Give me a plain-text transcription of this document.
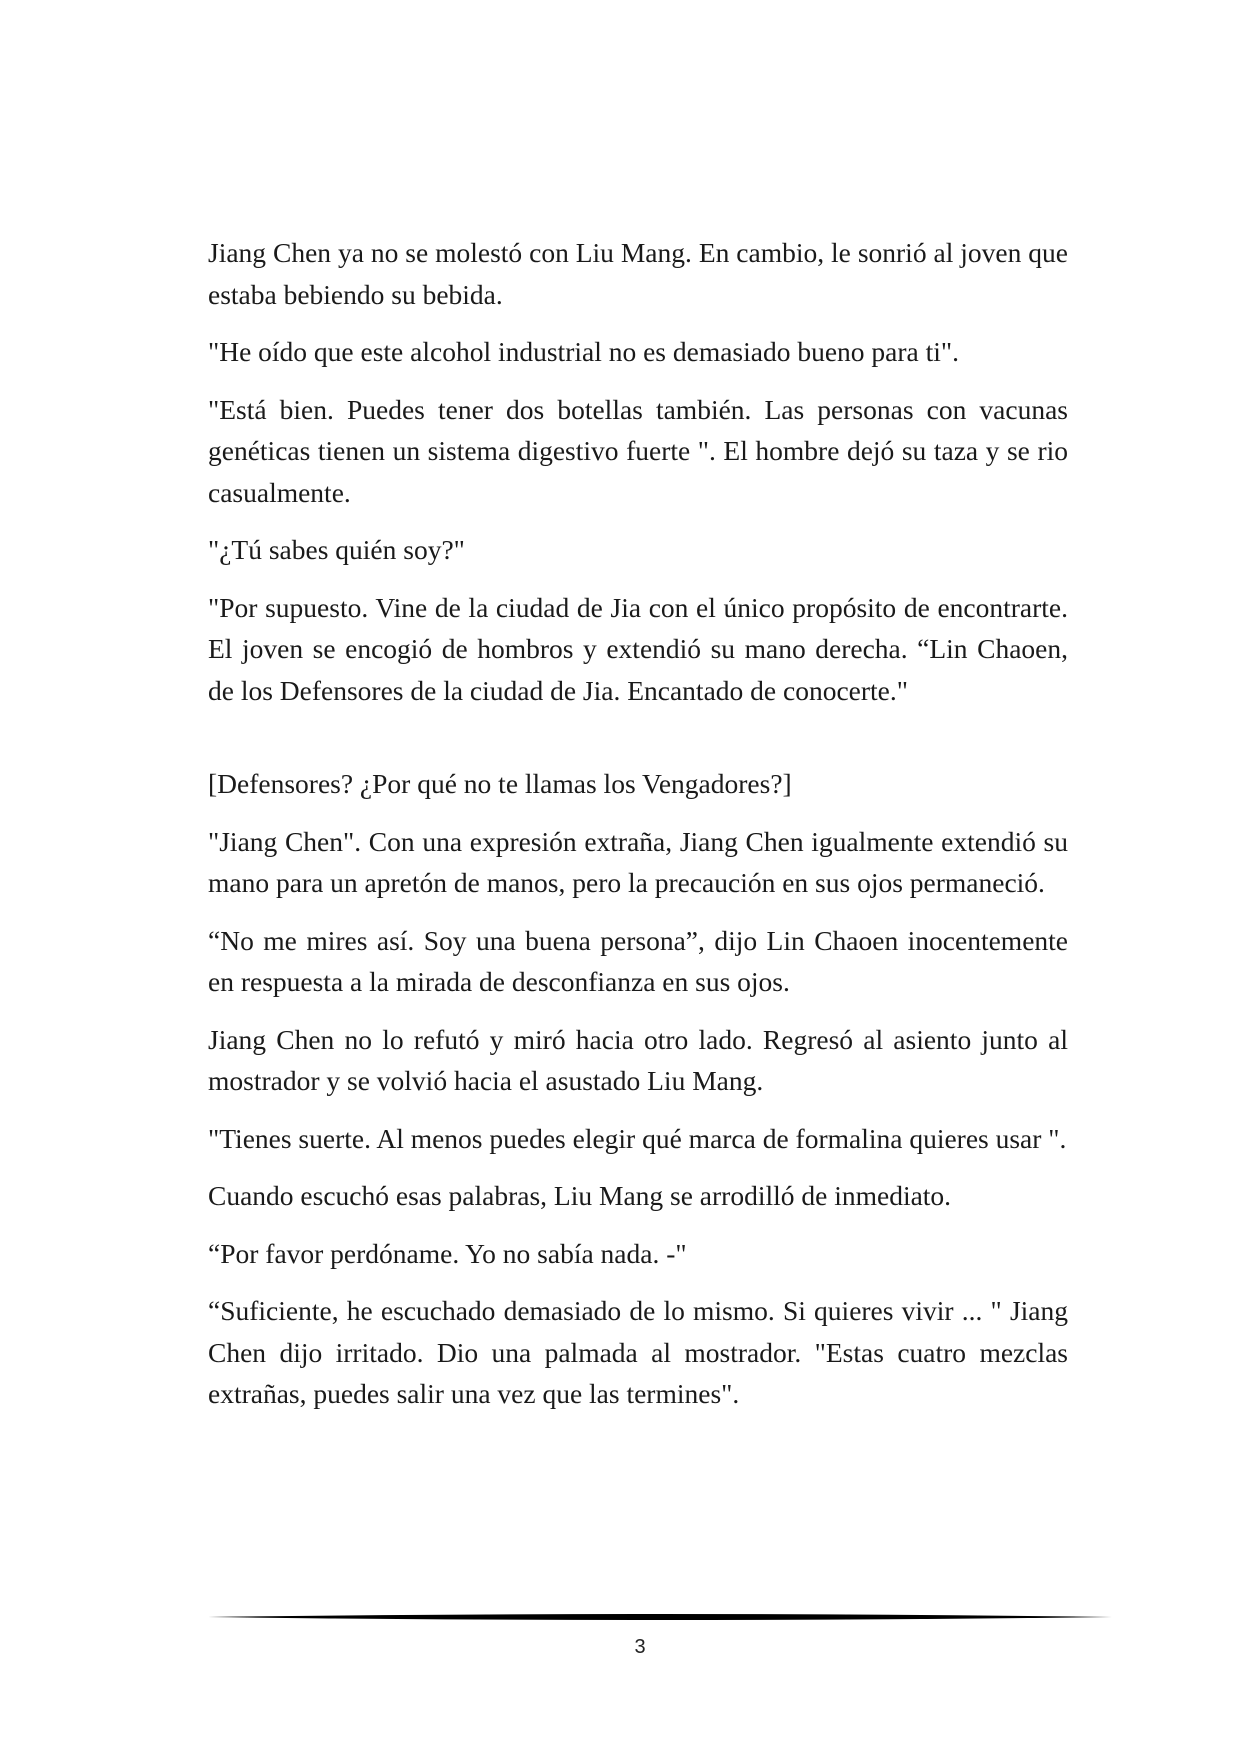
Jiang Chen ya no se molestó con Liu Mang. En cambio, le sonrió al joven que estaba bebiendo su bebida.

"He oído que este alcohol industrial no es demasiado bueno para ti".

"Está bien. Puedes tener dos botellas también. Las personas con vacunas genéticas tienen un sistema digestivo fuerte ". El hombre dejó su taza y se rio casualmente.

"¿Tú sabes quién soy?"

"Por supuesto. Vine de la ciudad de Jia con el único propósito de encontrarte. El joven se encogió de hombros y extendió su mano derecha. “Lin Chaoen, de los Defensores de la ciudad de Jia. Encantado de conocerte."

[Defensores? ¿Por qué no te llamas los Vengadores?]

"Jiang Chen". Con una expresión extraña, Jiang Chen igualmente extendió su mano para un apretón de manos, pero la precaución en sus ojos permaneció.

“No me mires así. Soy una buena persona”, dijo Lin Chaoen inocentemente en respuesta a la mirada de desconfianza en sus ojos.

Jiang Chen no lo refutó y miró hacia otro lado. Regresó al asiento junto al mostrador y se volvió hacia el asustado Liu Mang.

"Tienes suerte. Al menos puedes elegir qué marca de formalina quieres usar ".

Cuando escuchó esas palabras, Liu Mang se arrodilló de inmediato.

“Por favor perdóname. Yo no sabía nada. -"

“Suficiente, he escuchado demasiado de lo mismo. Si quieres vivir ... " Jiang Chen dijo irritado. Dio una palmada al mostrador. "Estas cuatro mezclas extrañas, puedes salir una vez que las termines".

3
